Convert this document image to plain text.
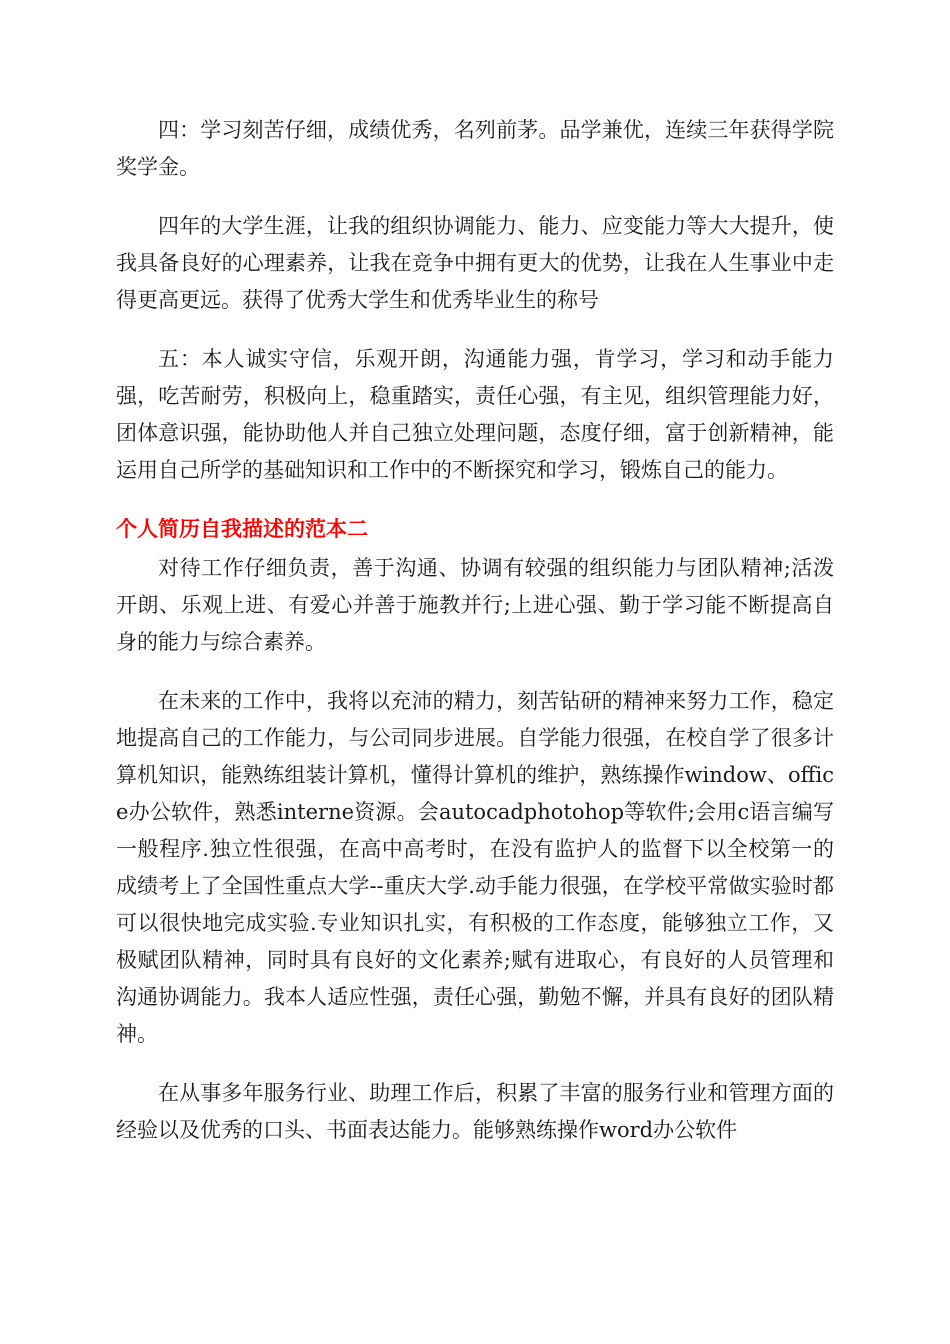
四：学习刻苦仔细，成绩优秀，名列前茅。品学兼优，连续三年获得学院奖学金。

四年的大学生涯，让我的组织协调能力、能力、应变能力等大大提升，使我具备良好的心理素养，让我在竞争中拥有更大的优势，让我在人生事业中走得更高更远。获得了优秀大学生和优秀毕业生的称号

五：本人诚实守信，乐观开朗，沟通能力强，肯学习，学习和动手能力强，吃苦耐劳，积极向上，稳重踏实，责任心强，有主见，组织管理能力好，团体意识强，能协助他人并自己独立处理问题，态度仔细，富于创新精神，能运用自己所学的基础知识和工作中的不断探究和学习，锻炼自己的能力。

个人简历自我描述的范本二

对待工作仔细负责，善于沟通、协调有较强的组织能力与团队精神;活泼开朗、乐观上进、有爱心并善于施教并行;上进心强、勤于学习能不断提高自身的能力与综合素养。

在未来的工作中，我将以充沛的精力，刻苦钻研的精神来努力工作，稳定地提高自己的工作能力，与公司同步进展。自学能力很强，在校自学了很多计算机知识，能熟练组装计算机，懂得计算机的维护，熟练操作window、office办公软件，熟悉interne资源。会autocadphotohop等软件;会用c语言编写一般程序.独立性很强，在高中高考时，在没有监护人的监督下以全校第一的成绩考上了全国性重点大学--重庆大学.动手能力很强，在学校平常做实验时都可以很快地完成实验.专业知识扎实，有积极的工作态度，能够独立工作，又极赋团队精神，同时具有良好的文化素养;赋有进取心，有良好的人员管理和沟通协调能力。我本人适应性强，责任心强，勤勉不懈，并具有良好的团队精神。

在从事多年服务行业、助理工作后，积累了丰富的服务行业和管理方面的经验以及优秀的口头、书面表达能力。能够熟练操作word办公软件
